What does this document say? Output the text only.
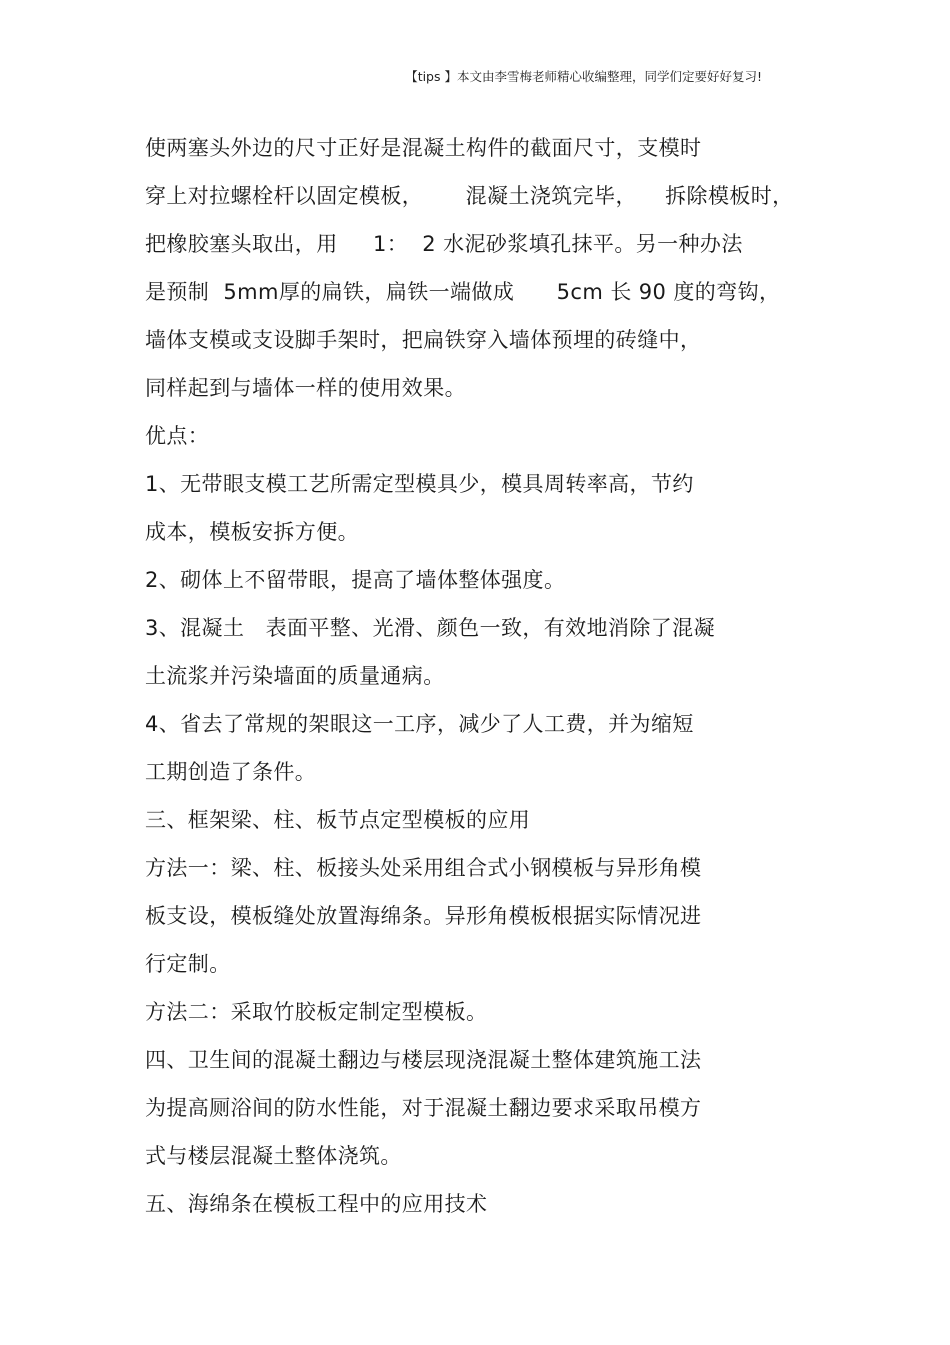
【tips 】本文由李雪梅老师精心收编整理，同学们定要好好复习!
使两塞头外边的尺寸正好是混凝土构件的截面尺寸，支模时
穿上对拉螺栓杆以固定模板，      混凝土浇筑完毕，    拆除模板时，
把橡胶塞头取出，用     1：  2 水泥砂浆填孔抹平。另一种办法
是预制  5mm厚的扁铁，扁铁一端做成      5cm 长 90 度的弯钩，
墙体支模或支设脚手架时，把扁铁穿入墙体预埋的砖缝中，
同样起到与墙体一样的使用效果。
优点：
1、无带眼支模工艺所需定型模具少，模具周转率高，节约
成本，模板安拆方便。
2、砌体上不留带眼，提高了墙体整体强度。
3、混凝土   表面平整、光滑、颜色一致，有效地消除了混凝
土流浆并污染墙面的质量通病。
4、省去了常规的架眼这一工序，减少了人工费，并为缩短
工期创造了条件。
三、框架梁、柱、板节点定型模板的应用
方法一：梁、柱、板接头处采用组合式小钢模板与异形角模
板支设，模板缝处放置海绵条。异形角模板根据实际情况进
行定制。
方法二：采取竹胶板定制定型模板。
四、卫生间的混凝土翻边与楼层现浇混凝土整体建筑施工法
为提高厕浴间的防水性能，对于混凝土翻边要求采取吊模方
式与楼层混凝土整体浇筑。
五、海绵条在模板工程中的应用技术
